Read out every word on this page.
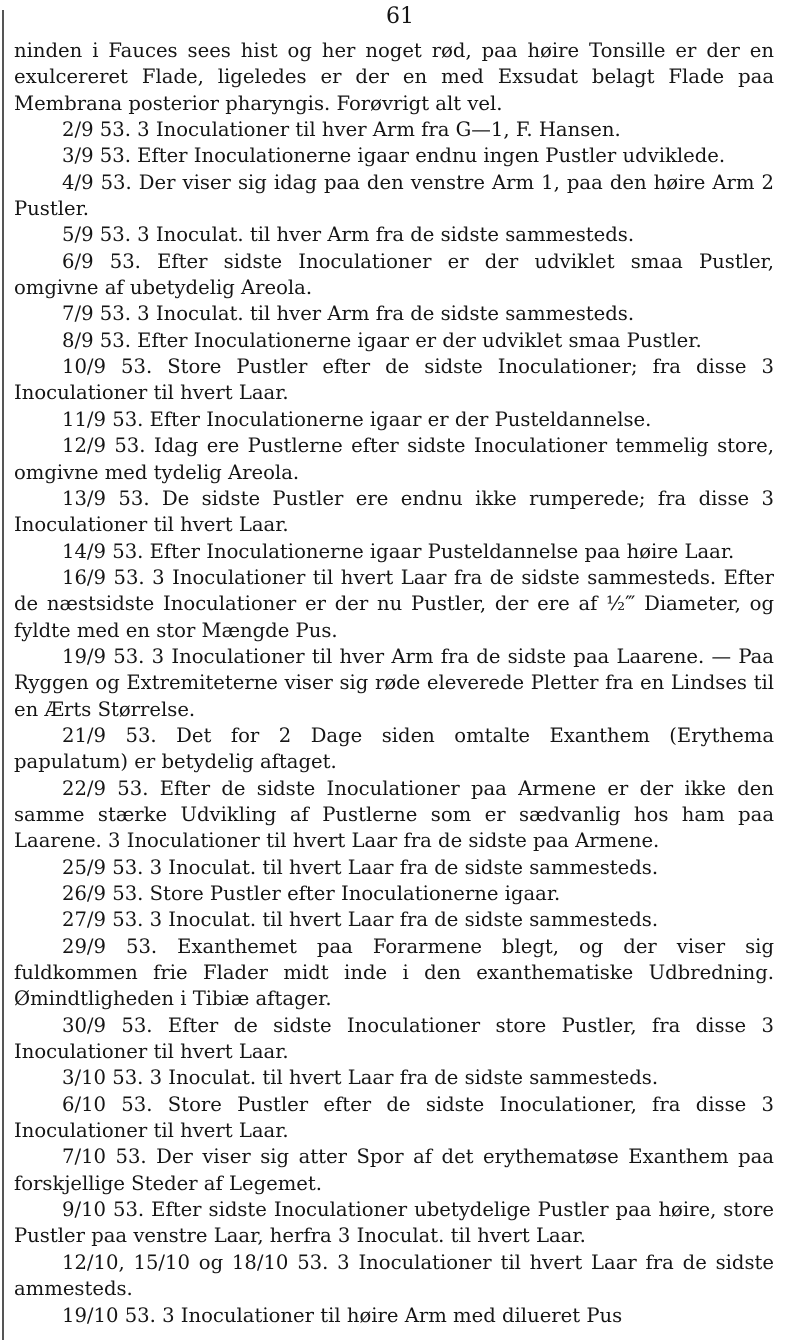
61

ninden i Fauces sees hist og her noget rød, paa høire Tonsille er der en exulcereret Flade, ligeledes er der en med Exsudat belagt Flade paa Membrana posterior pharyngis. Forøvrigt alt vel.

2/9 53. 3 Inoculationer til hver Arm fra G—1, F. Hansen.

3/9 53. Efter Inoculationerne igaar endnu ingen Pustler udviklede.

4/9 53. Der viser sig idag paa den venstre Arm 1, paa den høire Arm 2 Pustler.

5/9 53. 3 Inoculat. til hver Arm fra de sidste sammesteds.

6/9 53. Efter sidste Inoculationer er der udviklet smaa Pustler, omgivne af ubetydelig Areola.

7/9 53. 3 Inoculat. til hver Arm fra de sidste sammesteds.

8/9 53. Efter Inoculationerne igaar er der udviklet smaa Pustler.

10/9 53. Store Pustler efter de sidste Inoculationer; fra disse 3 Inoculationer til hvert Laar.

11/9 53. Efter Inoculationerne igaar er der Pusteldannelse.

12/9 53. Idag ere Pustlerne efter sidste Inoculationer temmelig store, omgivne med tydelig Areola.

13/9 53. De sidste Pustler ere endnu ikke rumperede; fra disse 3 Inoculationer til hvert Laar.

14/9 53. Efter Inoculationerne igaar Pusteldannelse paa høire Laar.

16/9 53. 3 Inoculationer til hvert Laar fra de sidste sammesteds. Efter de næstsidste Inoculationer er der nu Pustler, der ere af ½‴ Diameter, og fyldte med en stor Mængde Pus.

19/9 53. 3 Inoculationer til hver Arm fra de sidste paa Laarene. — Paa Ryggen og Extremiteterne viser sig røde eleverede Pletter fra en Lindses til en Ærts Størrelse.

21/9 53. Det for 2 Dage siden omtalte Exanthem (Erythema papulatum) er betydelig aftaget.

22/9 53. Efter de sidste Inoculationer paa Armene er der ikke den samme stærke Udvikling af Pustlerne som er sædvanlig hos ham paa Laarene. 3 Inoculationer til hvert Laar fra de sidste paa Armene.

25/9 53. 3 Inoculat. til hvert Laar fra de sidste sammesteds.

26/9 53. Store Pustler efter Inoculationerne igaar.

27/9 53. 3 Inoculat. til hvert Laar fra de sidste sammesteds.

29/9 53. Exanthemet paa Forarmene blegt, og der viser sig fuldkommen frie Flader midt inde i den exanthematiske Udbredning. Ømindtligheden i Tibiæ aftager.

30/9 53. Efter de sidste Inoculationer store Pustler, fra disse 3 Inoculationer til hvert Laar.

3/10 53. 3 Inoculat. til hvert Laar fra de sidste sammesteds.

6/10 53. Store Pustler efter de sidste Inoculationer, fra disse 3 Inoculationer til hvert Laar.

7/10 53. Der viser sig atter Spor af det erythematøse Exanthem paa forskjellige Steder af Legemet.

9/10 53. Efter sidste Inoculationer ubetydelige Pustler paa høire, store Pustler paa venstre Laar, herfra 3 Inoculat. til hvert Laar.

12/10, 15/10 og 18/10 53. 3 Inoculationer til hvert Laar fra de sidste ammesteds.

19/10 53. 3 Inoculationer til høire Arm med dilueret Pus
